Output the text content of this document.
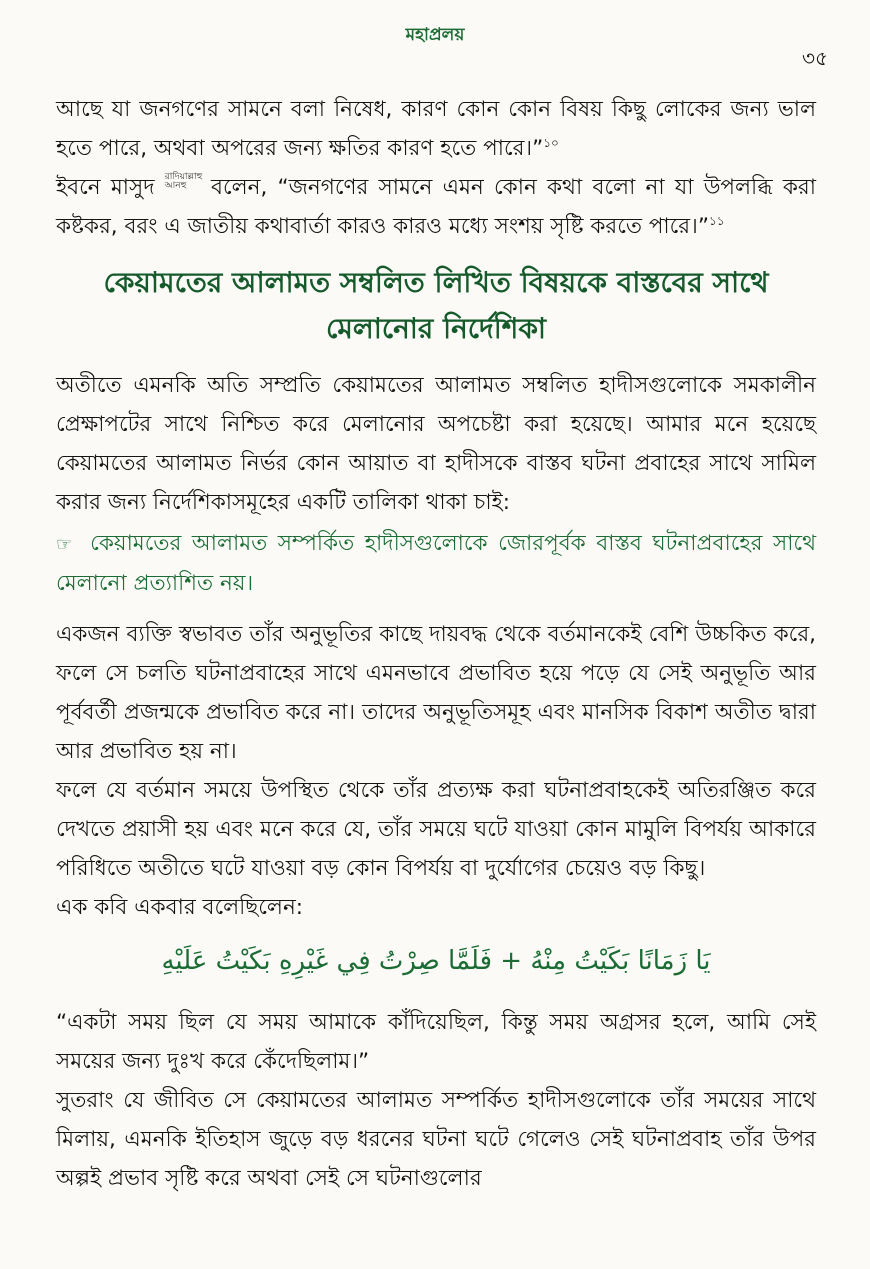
মহাপ্রলয়
৩৫

আছে যা জনগণের সামনে বলা নিষেধ, কারণ কোন কোন বিষয় কিছু লোকের জন্য ভাল হতে পারে, অথবা অপরের জন্য ক্ষতির কারণ হতে পারে।”$^{১০}$

ইবনে মাসুদ রাদিয়াল্লাহু আনহু বলেন, “জনগণের সামনে এমন কোন কথা বলো না যা উপলব্ধি করা কষ্টকর, বরং এ জাতীয় কথাবার্তা কারও কারও মধ্যে সংশয় সৃষ্টি করতে পারে।”$^{১১}$

কেয়ামতের আলামত সম্বলিত লিখিত বিষয়কে বাস্তবের সাথে মেলানোর নির্দেশিকা

অতীতে এমনকি অতি সম্প্রতি কেয়ামতের আলামত সম্বলিত হাদীসগুলোকে সমকালীন প্রেক্ষাপটের সাথে নিশ্চিত করে মেলানোর অপচেষ্টা করা হয়েছে। আমার মনে হয়েছে কেয়ামতের আলামত নির্ভর কোন আয়াত বা হাদীসকে বাস্তব ঘটনা প্রবাহের সাথে সামিল করার জন্য নির্দেশিকাসমূহের একটি তালিকা থাকা চাই:

☞ কেয়ামতের আলামত সম্পর্কিত হাদীসগুলোকে জোরপূর্বক বাস্তব ঘটনাপ্রবাহের সাথে মেলানো প্রত্যাশিত নয়।

একজন ব্যক্তি স্বভাবত তাঁর অনুভূতির কাছে দায়বদ্ধ থেকে বর্তমানকেই বেশি উচ্চকিত করে, ফলে সে চলতি ঘটনাপ্রবাহের সাথে এমনভাবে প্রভাবিত হয়ে পড়ে যে সেই অনুভূতি আর পূর্ববর্তী প্রজন্মকে প্রভাবিত করে না। তাদের অনুভূতিসমূহ এবং মানসিক বিকাশ অতীত দ্বারা আর প্রভাবিত হয় না।

ফলে যে বর্তমান সময়ে উপস্থিত থেকে তাঁর প্রত্যক্ষ করা ঘটনাপ্রবাহকেই অতিরঞ্জিত করে দেখতে প্রয়াসী হয় এবং মনে করে যে, তাঁর সময়ে ঘটে যাওয়া কোন মামুলি বিপর্যয় আকারে পরিধিতে অতীতে ঘটে যাওয়া বড় কোন বিপর্যয় বা দুর্যোগের চেয়েও বড় কিছু।

এক কবি একবার বলেছিলেন:

يَا زَمَانًا بَكَيْتُ مِنْهُ + فَلَمَّا صِرْتُ فِي غَيْرِهِ بَكَيْتُ عَلَيْهِ

“একটা সময় ছিল যে সময় আমাকে কাঁদিয়েছিল, কিন্তু সময় অগ্রসর হলে, আমি সেই সময়ের জন্য দুঃখ করে কেঁদেছিলাম।”

সুতরাং যে জীবিত সে কেয়ামতের আলামত সম্পর্কিত হাদীসগুলোকে তাঁর সময়ের সাথে মিলায়, এমনকি ইতিহাস জুড়ে বড় ধরনের ঘটনা ঘটে গেলেও সেই ঘটনাপ্রবাহ তাঁর উপর অল্পই প্রভাব সৃষ্টি করে অথবা সেই সে ঘটনাগুলোর
